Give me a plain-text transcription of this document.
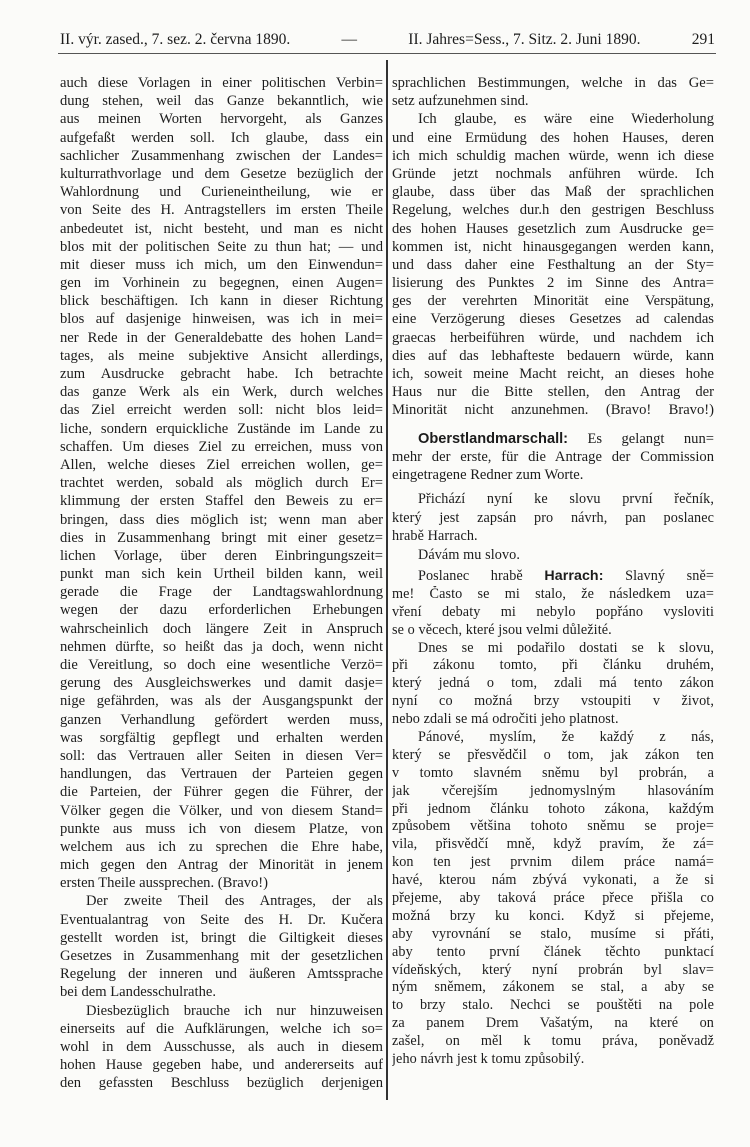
II. výr. zased., 7. sez. 2. června 1890.	—	II. Jahres=Sess., 7. Sitz. 2. Juni 1890.	291
auch diese Vorlagen in einer politischen Verbin=
dung stehen, weil das Ganze bekanntlich, wie
aus meinen Worten hervorgeht, als Ganzes
aufgefaßt werden soll. Ich glaube, dass ein
sachlicher Zusammenhang zwischen der Landes=
kulturrathvorlage und dem Gesetze bezüglich der
Wahlordnung und Curieneintheilung, wie er
von Seite des H. Antragstellers im ersten Theile
anbedeutet ist, nicht besteht, und man es nicht
blos mit der politischen Seite zu thun hat; — und
mit dieser muss ich mich, um den Einwendun=
gen im Vorhinein zu begegnen, einen Augen=
blick beschäftigen. Ich kann in dieser Richtung
blos auf dasjenige hinweisen, was ich in mei=
ner Rede in der Generaldebatte des hohen Land=
tages, als meine subjektive Ansicht allerdings,
zum Ausdrucke gebracht habe. Ich betrachte
das ganze Werk als ein Werk, durch welches
das Ziel erreicht werden soll: nicht blos leid=
liche, sondern erquickliche Zustände im Lande zu
schaffen. Um dieses Ziel zu erreichen, muss von
Allen, welche dieses Ziel erreichen wollen, ge=
trachtet werden, sobald als möglich durch Er=
klimmung der ersten Staffel den Beweis zu er=
bringen, dass dies möglich ist; wenn man aber
dies in Zusammenhang bringt mit einer gesetz=
lichen Vorlage, über deren Einbringungszeit=
punkt man sich kein Urtheil bilden kann, weil
gerade die Frage der Landtagswahlordnung
wegen der dazu erforderlichen Erhebungen
wahrscheinlich doch längere Zeit in Anspruch
nehmen dürfte, so heißt das ja doch, wenn nicht
die Vereitlung, so doch eine wesentliche Verzö=
gerung des Ausgleichswerkes und damit dasje=
nige gefährden, was als der Ausgangspunkt der
ganzen Verhandlung gefördert werden muss,
was sorgfältig gepflegt und erhalten werden
soll: das Vertrauen aller Seiten in diesen Ver=
handlungen, das Vertrauen der Parteien gegen
die Parteien, der Führer gegen die Führer, der
Völker gegen die Völker, und von diesem Stand=
punkte aus muss ich von diesem Platze, von
welchem aus ich zu sprechen die Ehre habe,
mich gegen den Antrag der Minorität in jenem
ersten Theile aussprechen. (Bravo!)
Der zweite Theil des Antrages, der als
Eventualantrag von Seite des H. Dr. Kučera
gestellt worden ist, bringt die Giltigkeit dieses
Gesetzes in Zusammenhang mit der gesetzlichen
Regelung der inneren und äußeren Amtssprache
bei dem Landesschulrathe.
Diesbezüglich brauche ich nur hinzuweisen
einerseits auf die Aufklärungen, welche ich so=
wohl in dem Ausschusse, als auch in diesem
hohen Hause gegeben habe, und andererseits auf
den gefassten Beschluss bezüglich derjenigen
sprachlichen Bestimmungen, welche in das Ge=
setz aufzunehmen sind.
Ich glaube, es wäre eine Wiederholung
und eine Ermüdung des hohen Hauses, deren
ich mich schuldig machen würde, wenn ich diese
Gründe jetzt nochmals anführen würde. Ich
glaube, dass über das Maß der sprachlichen
Regelung, welches dur.h den gestrigen Beschluss
des hohen Hauses gesetzlich zum Ausdrucke ge=
kommen ist, nicht hinausgegangen werden kann,
und dass daher eine Festhaltung an der Sty=
lisierung des Punktes 2 im Sinne des Antra=
ges der verehrten Minorität eine Verspätung,
eine Verzögerung dieses Gesetzes ad calendas
graecas herbeiführen würde, und nachdem ich
dies auf das lebhafteste bedauern würde, kann
ich, soweit meine Macht reicht, an dieses hohe
Haus nur die Bitte stellen, den Antrag der
Minorität nicht anzunehmen. (Bravo! Bravo!)
Oberstlandmarschall: Es gelangt nun=
mehr der erste, für die Antrage der Commission
eingetragene Redner zum Worte.
Přichází nyní ke slovu první řečník,
který jest zapsán pro návrh, pan poslanec
hrabě Harrach.
Dávám mu slovo.
Poslanec hrabě Harrach: Slavný sně=
me! Často se mi stalo, že následkem uza=
vření debaty mi nebylo popřáno vysloviti
se o věcech, které jsou velmi důležité.
Dnes se mi podařilo dostati se k slovu,
při zákonu tomto, při článku druhém,
který jedná o tom, zdali má tento zákon
nyní co možná brzy vstoupiti v život,
nebo zdali se má odročiti jeho platnost.
Pánové, myslím, že každý z nás,
který se přesvědčil o tom, jak zákon ten
v tomto slavném sněmu byl probrán, a
jak včerejším jednomyslným hlasováním
při jednom článku tohoto zákona, každým
způsobem většina tohoto sněmu se proje=
vila, přisvědčí mně, když pravím, že zá=
kon ten jest prvnim dilem práce namá=
havé, kterou nám zbývá vykonati, a že si
přejeme, aby taková práce přece přišla co
možná brzy ku konci. Když si přejeme,
aby vyrovnání se stalo, musíme si přáti,
aby tento první článek těchto punktací
vídeňských, který nyní probrán byl slav=
ným sněmem, zákonem se stal, a aby se
to brzy stalo. Nechci se pouštěti na pole
za panem Drem Vašatým, na které on
zašel, on měl k tomu práva, poněvadž
jeho návrh jest k tomu způsobilý.
